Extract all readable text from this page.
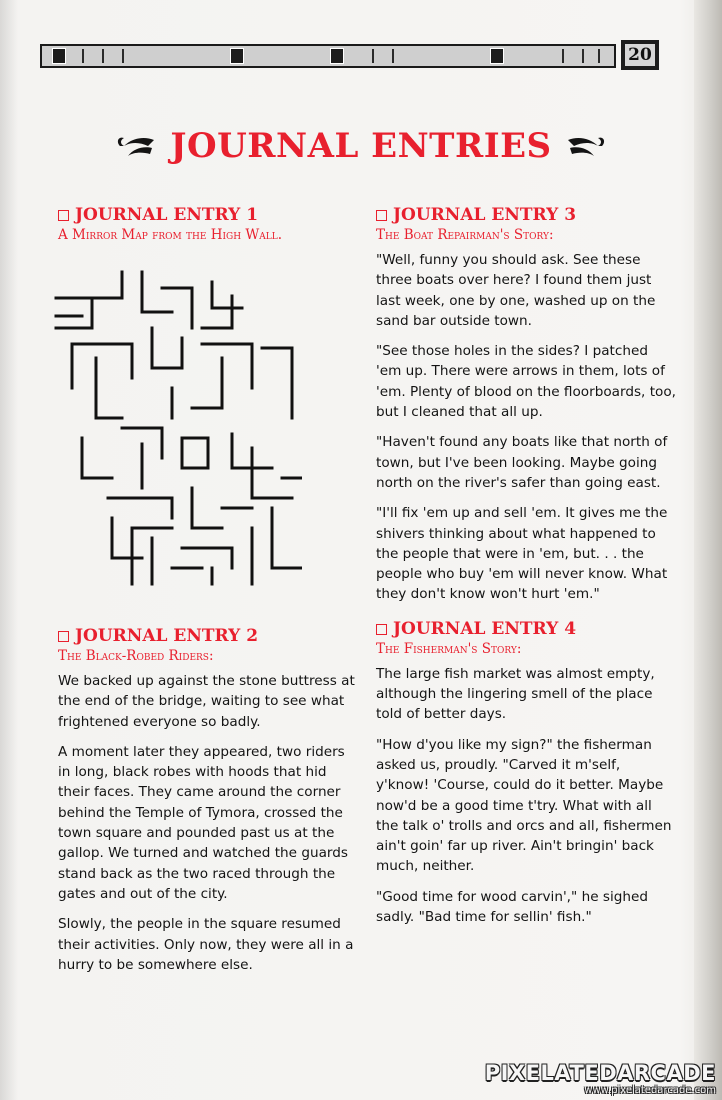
20
JOURNAL ENTRIES
JOURNAL ENTRY 1
A Mirror Map from the High Wall.
JOURNAL ENTRY 2
The Black-Robed Riders:

We backed up against the stone buttress at the end of the bridge, waiting to see what frightened everyone so badly.

A moment later they appeared, two riders in long, black robes with hoods that hid their faces. They came around the corner behind the Temple of Tymora, crossed the town square and pounded past us at the gallop. We turned and watched the guards stand back as the two raced through the gates and out of the city.

Slowly, the people in the square resumed their activities. Only now, they were all in a hurry to be somewhere else.

JOURNAL ENTRY 3
The Boat Repairman's Story:

"Well, funny you should ask. See these three boats over here? I found them just last week, one by one, washed up on the sand bar outside town.

"See those holes in the sides? I patched 'em up. There were arrows in them, lots of 'em. Plenty of blood on the floorboards, too, but I cleaned that all up.

"Haven't found any boats like that north of town, but I've been looking. Maybe going north on the river's safer than going east.

"I'll fix 'em up and sell 'em. It gives me the shivers thinking about what happened to the people that were in 'em, but. . . the people who buy 'em will never know. What they don't know won't hurt 'em."

JOURNAL ENTRY 4
The Fisherman's Story:

The large fish market was almost empty, although the lingering smell of the place told of better days.

"How d'you like my sign?" the fisherman asked us, proudly. "Carved it m'self, y'know! 'Course, could do it better. Maybe now'd be a good time t'try. What with all the talk o' trolls and orcs and all, fishermen ain't goin' far up river. Ain't bringin' back much, neither.

"Good time for wood carvin'," he sighed sadly. "Bad time for sellin' fish."

PIXELATEDARCADE
www.pixelatedarcade.com
